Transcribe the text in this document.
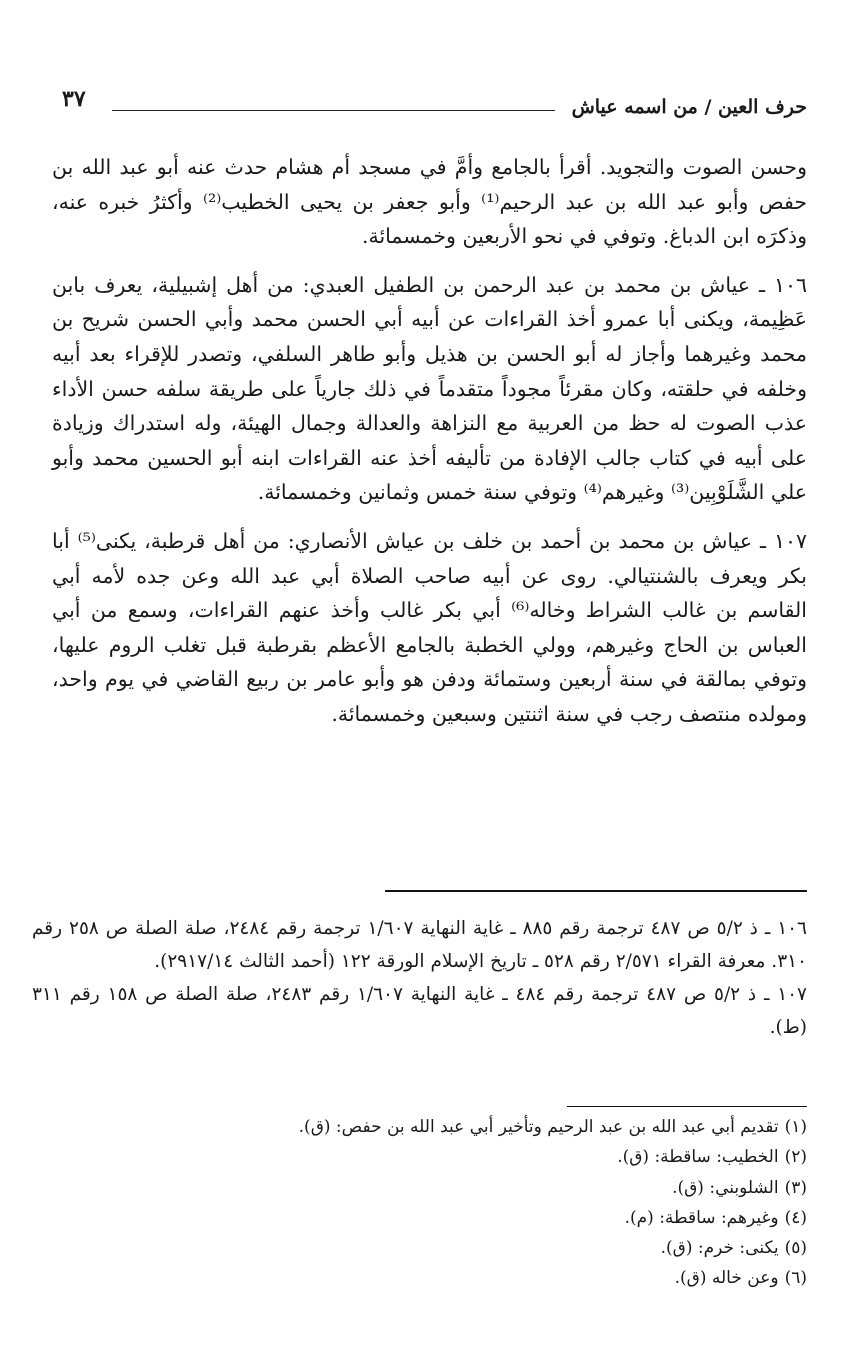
حرف العين / من اسمه عياش
٣٧

وحسن الصوت والتجويد. أقرأ بالجامع وأمَّ في مسجد أم هشام حدث عنه أبو عبد الله بن حفص وأبو عبد الله بن عبد الرحيم⁽¹⁾ وأبو جعفر بن يحيى الخطيب⁽²⁾ وأكثرُ خبره عنه، وذكرَه ابن الدباغ. وتوفي في نحو الأربعين وخمسمائة.

١٠٦ ـ عياش بن محمد بن عبد الرحمن بن الطفيل العبدي: من أهل إشبيلية، يعرف بابن عَظِيمة، ويكنى أبا عمرو أخذ القراءات عن أبيه أبي الحسن محمد وأبي الحسن شريح بن محمد وغيرهما وأجاز له أبو الحسن بن هذيل وأبو طاهر السلفي، وتصدر للإقراء بعد أبيه وخلفه في حلقته، وكان مقرئاً مجوداً متقدماً في ذلك جارياً على طريقة سلفه حسن الأداء عذب الصوت له حظ من العربية مع النزاهة والعدالة وجمال الهيئة، وله استدراك وزيادة على أبيه في كتاب جالب الإفادة من تأليفه أخذ عنه القراءات ابنه أبو الحسين محمد وأبو علي الشَّلَوْبِين⁽³⁾ وغيرهم⁽⁴⁾ وتوفي سنة خمس وثمانين وخمسمائة.

١٠٧ ـ عياش بن محمد بن أحمد بن خلف بن عياش الأنصاري: من أهل قرطبة، يكنى⁽⁵⁾ أبا بكر ويعرف بالشنتيالي. روى عن أبيه صاحب الصلاة أبي عبد الله وعن جده لأمه أبي القاسم بن غالب الشراط وخاله⁽⁶⁾ أبي بكر غالب وأخذ عنهم القراءات، وسمع من أبي العباس بن الحاج وغيرهم، وولي الخطبة بالجامع الأعظم بقرطبة قبل تغلب الروم عليها، وتوفي بمالقة في سنة أربعين وستمائة ودفن هو وأبو عامر بن ربيع القاضي في يوم واحد، ومولده منتصف رجب في سنة اثنتين وسبعين وخمسمائة.

١٠٦ ـ ذ ٥/٢ ص ٤٨٧ ترجمة رقم ٨٨٥ ـ غاية النهاية ١/٦٠٧ ترجمة رقم ٢٤٨٤، صلة الصلة ص ٢٥٨ رقم ٣١٠. معرفة القراء ٢/٥٧١ رقم ٥٢٨ ـ تاريخ الإسلام الورقة ١٢٢ (أحمد الثالث ٢٩١٧/١٤).

١٠٧ ـ ذ ٥/٢ ص ٤٨٧ ترجمة رقم ٤٨٤ ـ غاية النهاية ١/٦٠٧ رقم ٢٤٨٣، صلة الصلة ص ١٥٨ رقم ٣١١ (ط).

(١)تقديم أبي عبد الله بن عبد الرحيم وتأخير أبي عبد الله بن حفص: (ق).
(٢)الخطيب: ساقطة: (ق).
(٣)الشلوبني: (ق).
(٤)وغيرهم: ساقطة: (م).
(٥)يكنى: خرم: (ق).
(٦)وعن خاله (ق).
